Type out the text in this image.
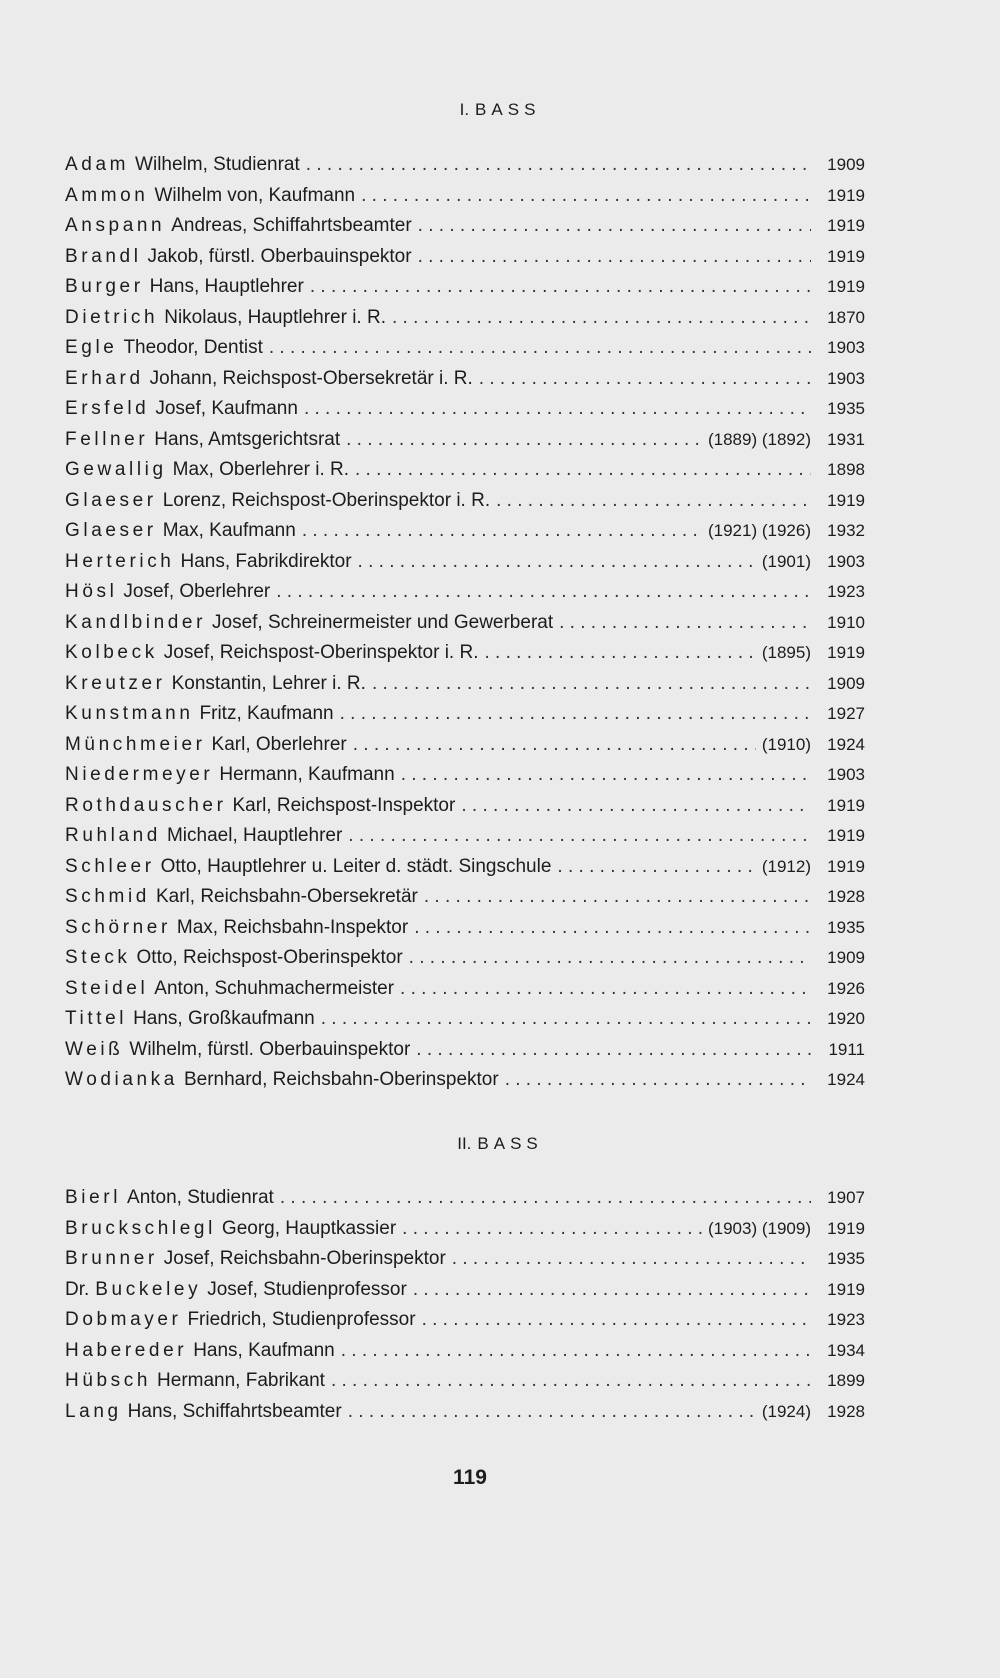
I. BASS
Adam Wilhelm, Studienrat . . .	1909
Ammon Wilhelm von, Kaufmann . . .	1919
Anspann Andreas, Schiffahrtsbeamter . . .	1919
Brandl Jakob, fürstl. Oberbauinspektor . . .	1919
Burger Hans, Hauptlehrer . . .	1919
Dietrich Nikolaus, Hauptlehrer i. R. . . .	1870
Egle Theodor, Dentist . . .	1903
Erhard Johann, Reichspost-Obersekretär i. R. . . .	1903
Ersfeld Josef, Kaufmann . . .	1935
Fellner Hans, Amtsgerichtsrat . . .	(1889) (1892) 1931
Gewallig Max, Oberlehrer i. R. . . .	1898
Glaeser Lorenz, Reichspost-Oberinspektor i. R. . . .	1919
Glaeser Max, Kaufmann . . .	(1921) (1926) 1932
Herterich Hans, Fabrikdirektor . . .	(1901) 1903
Hösl Josef, Oberlehrer . . .	1923
Kandlbinder Josef, Schreinermeister und Gewerberat . . .	1910
Kolbeck Josef, Reichspost-Oberinspektor i. R. . . .	(1895) 1919
Kreutzer Konstantin, Lehrer i. R. . . .	1909
Kunstmann Fritz, Kaufmann . . .	1927
Münchmeier Karl, Oberlehrer . . .	(1910) 1924
Niedermeyer Hermann, Kaufmann . . .	1903
Rothdauscher Karl, Reichspost-Inspektor . . .	1919
Ruhland Michael, Hauptlehrer . . .	1919
Schleer Otto, Hauptlehrer u. Leiter d. städt. Singschule . . .	(1912) 1919
Schmid Karl, Reichsbahn-Obersekretär . . .	1928
Schörner Max, Reichsbahn-Inspektor . . .	1935
Steck Otto, Reichspost-Oberinspektor . . .	1909
Steidel Anton, Schuhmachermeister . . .	1926
Tittel Hans, Großkaufmann . . .	1920
Weiß Wilhelm, fürstl. Oberbauinspektor . . .	1911
Wodianka Bernhard, Reichsbahn-Oberinspektor . . .	1924
II. BASS
Bierl Anton, Studienrat . . .	1907
Bruckschlegl Georg, Hauptkassier . . .	(1903) (1909) 1919
Brunner Josef, Reichsbahn-Oberinspektor . . .	1935
Dr. Buckeley Josef, Studienprofessor . . .	1919
Dobmayer Friedrich, Studienprofessor . . .	1923
Habereder Hans, Kaufmann . . .	1934
Hübsch Hermann, Fabrikant . . .	1899
Lang Hans, Schiffahrtsbeamter . . .	(1924) 1928
119
